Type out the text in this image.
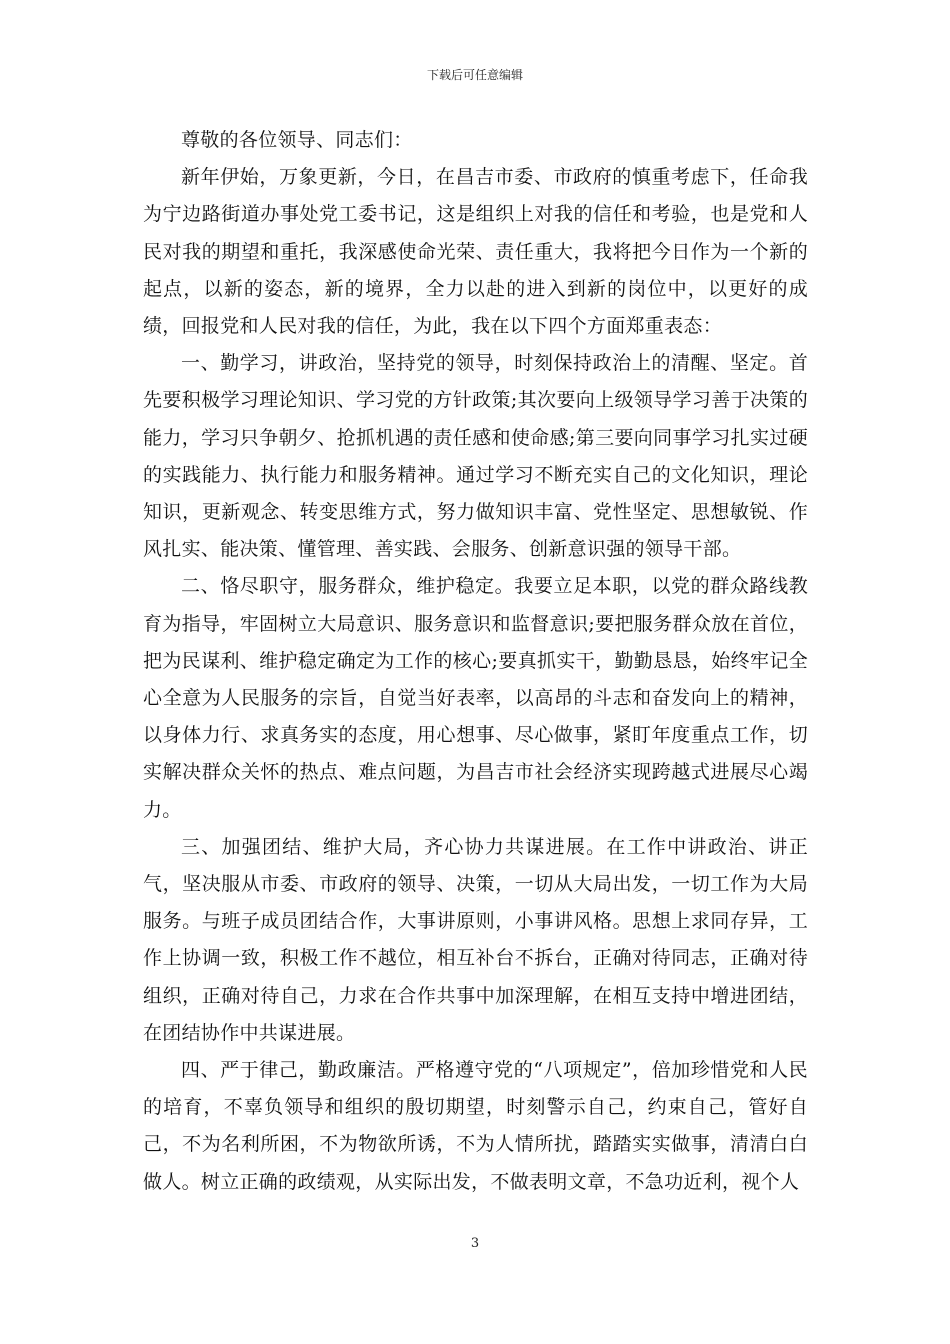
下载后可任意编辑

尊敬的各位领导、同志们：

新年伊始，万象更新，今日，在昌吉市委、市政府的慎重考虑下，任命我为宁边路街道办事处党工委书记，这是组织上对我的信任和考验，也是党和人民对我的期望和重托，我深感使命光荣、责任重大，我将把今日作为一个新的起点，以新的姿态，新的境界，全力以赴的进入到新的岗位中，以更好的成绩，回报党和人民对我的信任，为此，我在以下四个方面郑重表态：

一、勤学习，讲政治，坚持党的领导，时刻保持政治上的清醒、坚定。首先要积极学习理论知识、学习党的方针政策;其次要向上级领导学习善于决策的能力，学习只争朝夕、抢抓机遇的责任感和使命感;第三要向同事学习扎实过硬的实践能力、执行能力和服务精神。通过学习不断充实自己的文化知识，理论知识，更新观念、转变思维方式，努力做知识丰富、党性坚定、思想敏锐、作风扎实、能决策、懂管理、善实践、会服务、创新意识强的领导干部。

二、恪尽职守，服务群众，维护稳定。我要立足本职，以党的群众路线教育为指导，牢固树立大局意识、服务意识和监督意识;要把服务群众放在首位，把为民谋利、维护稳定确定为工作的核心;要真抓实干，勤勤恳恳，始终牢记全心全意为人民服务的宗旨，自觉当好表率，以高昂的斗志和奋发向上的精神，以身体力行、求真务实的态度，用心想事、尽心做事，紧盯年度重点工作，切实解决群众关怀的热点、难点问题，为昌吉市社会经济实现跨越式进展尽心竭力。

三、加强团结、维护大局，齐心协力共谋进展。在工作中讲政治、讲正气，坚决服从市委、市政府的领导、决策，一切从大局出发，一切工作为大局服务。与班子成员团结合作，大事讲原则，小事讲风格。思想上求同存异，工作上协调一致，积极工作不越位，相互补台不拆台，正确对待同志，正确对待组织，正确对待自己，力求在合作共事中加深理解，在相互支持中增进团结，在团结协作中共谋进展。

四、严于律己，勤政廉洁。严格遵守党的“八项规定”，倍加珍惜党和人民的培育，不辜负领导和组织的殷切期望，时刻警示自己，约束自己，管好自己，不为名利所困，不为物欲所诱，不为人情所扰，踏踏实实做事，清清白白做人。树立正确的政绩观，从实际出发，不做表明文章，不急功近利，视个人

3
